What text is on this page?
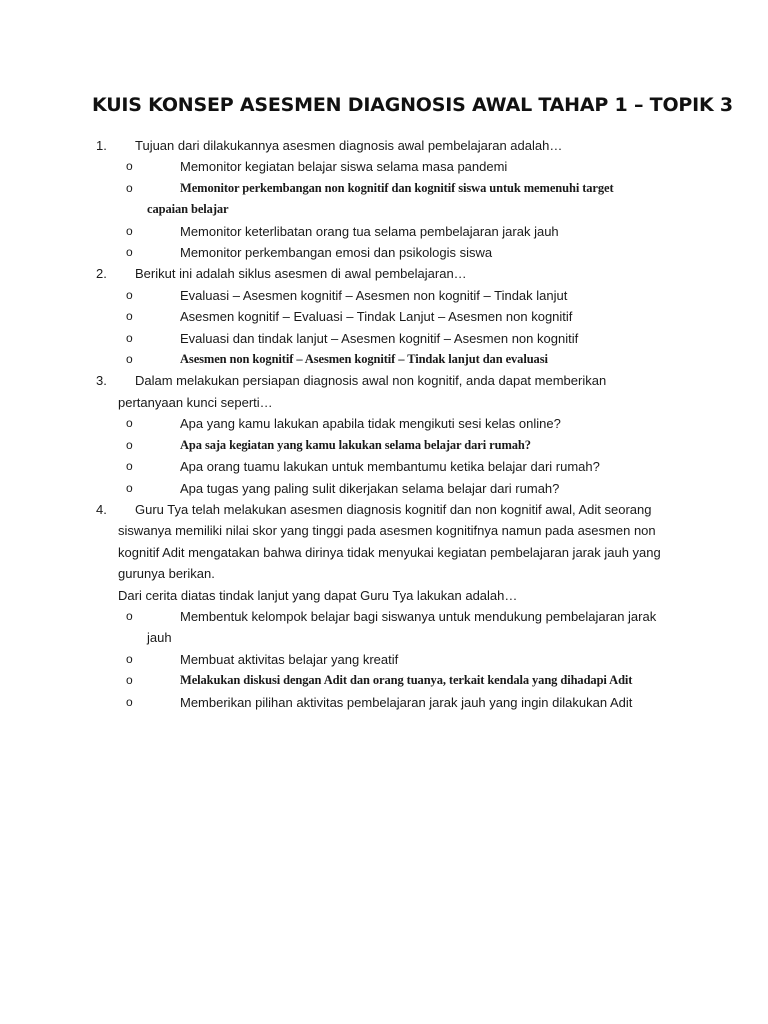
KUIS KONSEP ASESMEN DIAGNOSIS AWAL TAHAP 1 – TOPIK 3
1. Tujuan dari dilakukannya asesmen diagnosis awal pembelajaran adalah…
o	Memonitor kegiatan belajar siswa selama masa pandemi
o	Memonitor perkembangan non kognitif dan kognitif siswa untuk memenuhi target
capaian belajar
o	Memonitor keterlibatan orang tua selama pembelajaran jarak jauh
o	Memonitor perkembangan emosi dan psikologis siswa
2. Berikut ini adalah siklus asesmen di awal pembelajaran…
o	Evaluasi – Asesmen kognitif – Asesmen non kognitif – Tindak lanjut
o	Asesmen kognitif – Evaluasi – Tindak Lanjut – Asesmen non kognitif
o	Evaluasi dan tindak lanjut – Asesmen kognitif – Asesmen non kognitif
o	Asesmen non kognitif – Asesmen kognitif – Tindak lanjut dan evaluasi
3. Dalam melakukan persiapan diagnosis awal non kognitif, anda dapat memberikan
pertanyaan kunci seperti…
o	Apa yang kamu lakukan apabila tidak mengikuti sesi kelas online?
o	Apa saja kegiatan yang kamu lakukan selama belajar dari rumah?
o	Apa orang tuamu lakukan untuk membantumu ketika belajar dari rumah?
o	Apa tugas yang paling sulit dikerjakan selama belajar dari rumah?
4. Guru Tya telah melakukan asesmen diagnosis kognitif dan non kognitif awal, Adit seorang
siswanya memiliki nilai skor yang tinggi pada asesmen kognitifnya namun pada asesmen non
kognitif Adit mengatakan bahwa dirinya tidak menyukai kegiatan pembelajaran jarak jauh yang
gurunya berikan.
Dari cerita diatas tindak lanjut yang dapat Guru Tya lakukan adalah…
o	Membentuk kelompok belajar bagi siswanya untuk mendukung pembelajaran jarak
jauh
o	Membuat aktivitas belajar yang kreatif
o	Melakukan diskusi dengan Adit dan orang tuanya, terkait kendala yang dihadapi Adit
o	Memberikan pilihan aktivitas pembelajaran jarak jauh yang ingin dilakukan Adit
